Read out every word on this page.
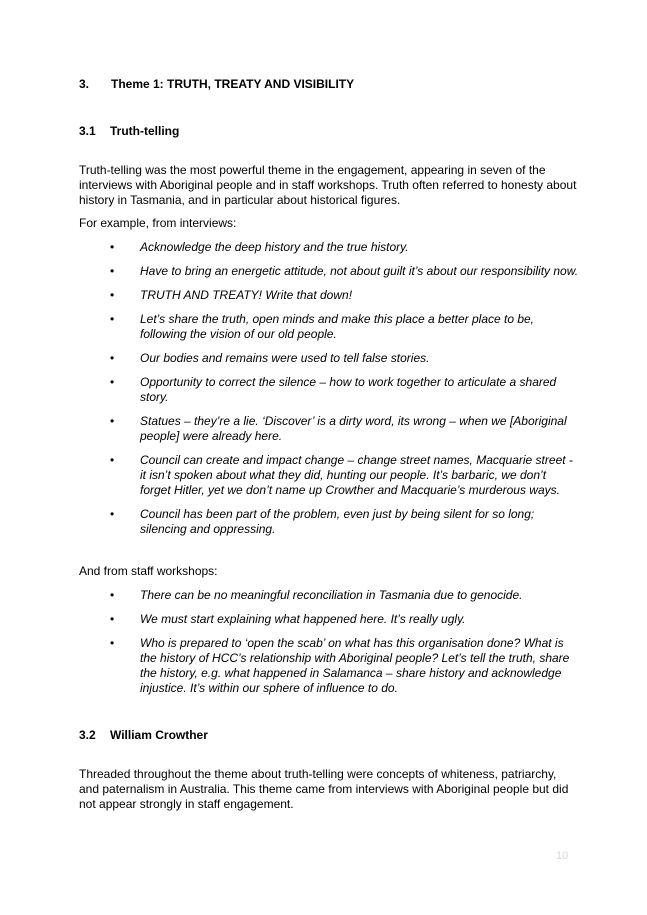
3. Theme 1: TRUTH, TREATY AND VISIBILITY
3.1 Truth-telling
Truth-telling was the most powerful theme in the engagement, appearing in seven of the interviews with Aboriginal people and in staff workshops. Truth often referred to honesty about history in Tasmania, and in particular about historical figures.
For example, from interviews:
• Acknowledge the deep history and the true history.
• Have to bring an energetic attitude, not about guilt it’s about our responsibility now.
• TRUTH AND TREATY! Write that down!
• Let’s share the truth, open minds and make this place a better place to be, following the vision of our old people.
• Our bodies and remains were used to tell false stories.
• Opportunity to correct the silence – how to work together to articulate a shared story.
• Statues – they’re a lie. ‘Discover’ is a dirty word, its wrong – when we [Aboriginal people] were already here.
• Council can create and impact change – change street names, Macquarie street - it isn’t spoken about what they did, hunting our people. It’s barbaric, we don’t forget Hitler, yet we don’t name up Crowther and Macquarie’s murderous ways.
• Council has been part of the problem, even just by being silent for so long; silencing and oppressing.
And from staff workshops:
• There can be no meaningful reconciliation in Tasmania due to genocide.
• We must start explaining what happened here. It’s really ugly.
• Who is prepared to ‘open the scab’ on what has this organisation done? What is the history of HCC’s relationship with Aboriginal people? Let’s tell the truth, share the history, e.g. what happened in Salamanca – share history and acknowledge injustice. It’s within our sphere of influence to do.
3.2 William Crowther
Threaded throughout the theme about truth-telling were concepts of whiteness, patriarchy, and paternalism in Australia. This theme came from interviews with Aboriginal people but did not appear strongly in staff engagement.
10
